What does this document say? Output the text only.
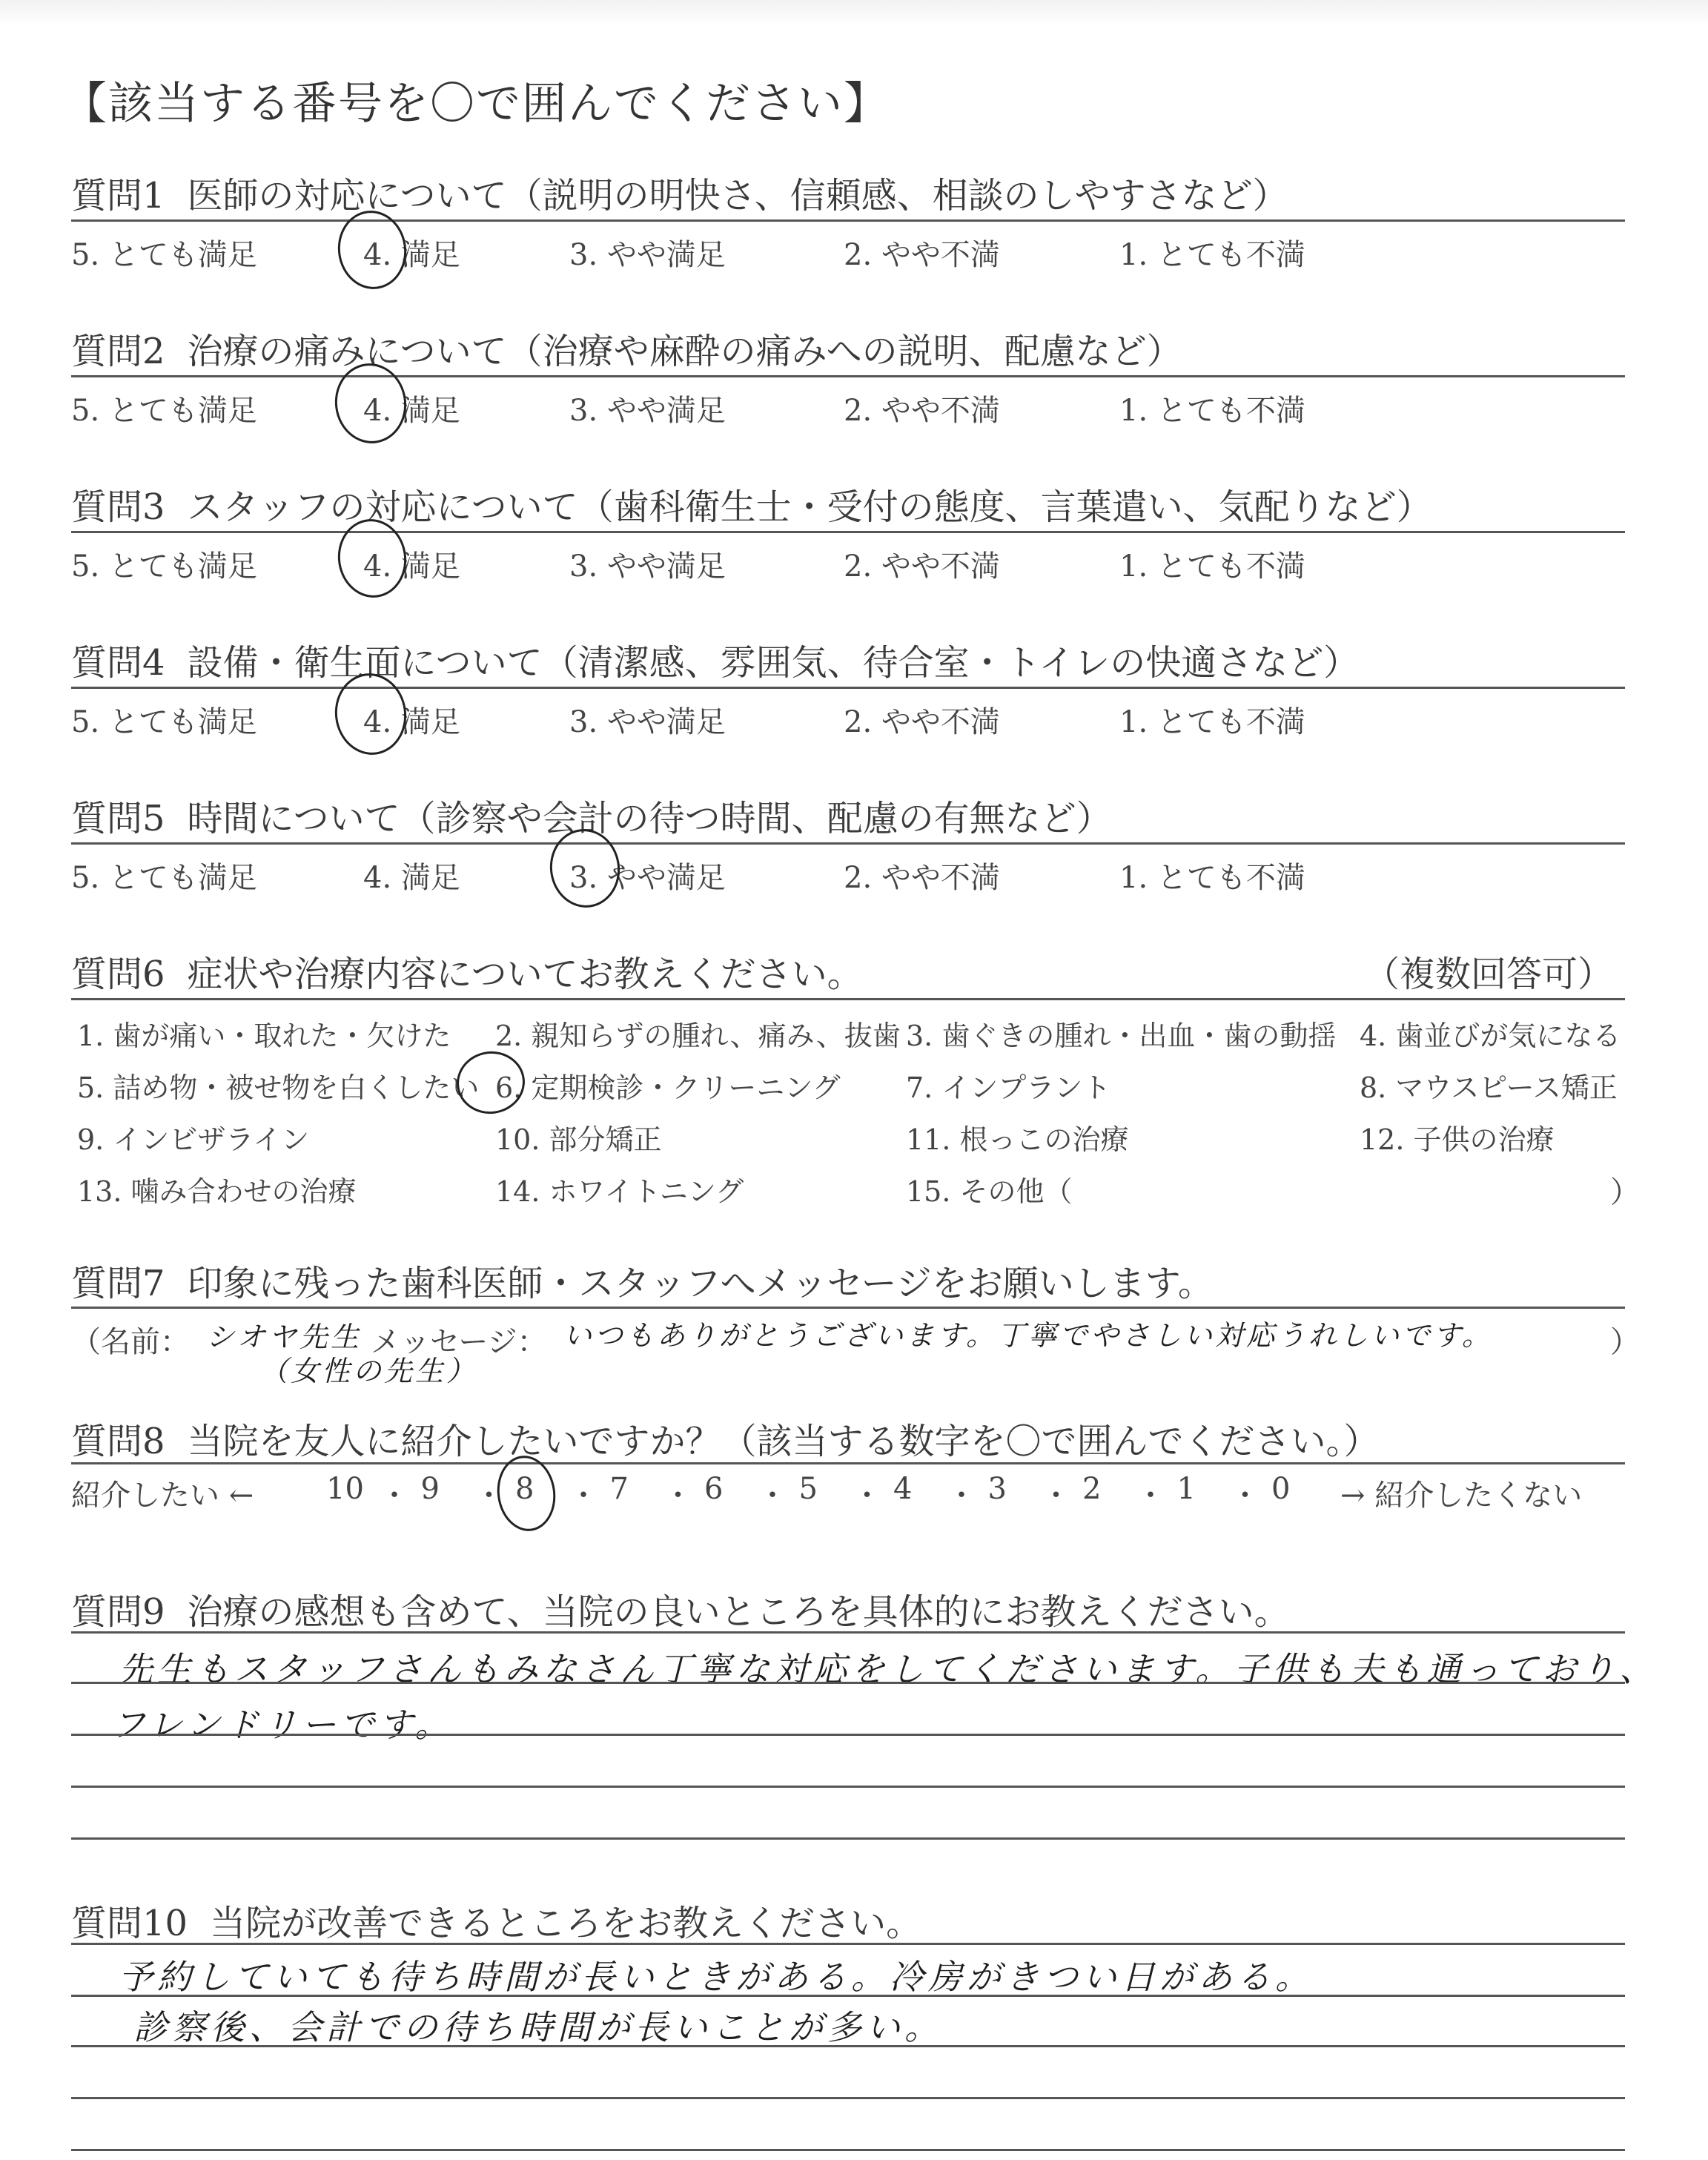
【該当する番号を〇で囲んでください】
質問1 医師の対応について（説明の明快さ、信頼感、相談のしやすさなど）
5. とても満足	4. 満足	3. やや満足	2. やや不満	1. とても不満
質問2 治療の痛みについて（治療や麻酔の痛みへの説明、配慮など）
5. とても満足	4. 満足	3. やや満足	2. やや不満	1. とても不満
質問3 スタッフの対応について（歯科衛生士・受付の態度、言葉遣い、気配りなど）
5. とても満足	4. 満足	3. やや満足	2. やや不満	1. とても不満
質問4 設備・衛生面について（清潔感、雰囲気、待合室・トイレの快適さなど）
5. とても満足	4. 満足	3. やや満足	2. やや不満	1. とても不満
質問5 時間について（診察や会計の待つ時間、配慮の有無など）
5. とても満足	4. 満足	3. やや満足	2. やや不満	1. とても不満
質問6 症状や治療内容についてお教えください。	（複数回答可）
1. 歯が痛い・取れた・欠けた 2. 親知らずの腫れ、痛み、抜歯 3. 歯ぐきの腫れ・出血・歯の動揺 4. 歯並びが気になる
5. 詰め物・被せ物を白くしたい 6. 定期検診・クリーニング 7. インプラント	8. マウスピース矯正
9. インビザライン	10. 部分矯正	11. 根っこの治療	12. 子供の治療
13. 噛み合わせの治療	14. ホワイトニング	15. その他（	）
質問7 印象に残った歯科医師・スタッフへメッセージをお願いします。
（名前： シオヤ先生
（女性の先生）
メッセージ： いつもありがとうございます。丁寧でやさしい対応うれしいです。	）
質問8 当院を友人に紹介したいですか？（該当する数字を〇で囲んでください。）
紹介したい ←	→ 紹介したくない
10 ・ 9 ・ 8 ・ 7 ・ 6 ・ 5 ・ 4 ・ 3 ・ 2 ・ 1 ・ 0
質問9 治療の感想も含めて、当院の良いところを具体的にお教えください。
先生もスタッフさんもみなさん丁寧な対応をしてくださいます。子供も夫も通っており、
フレンドリーです。
質問10 当院が改善できるところをお教えください。
予約していても待ち時間が長いときがある。冷房がきつい日がある。
診察後、会計での待ち時間が長いことが多い。
